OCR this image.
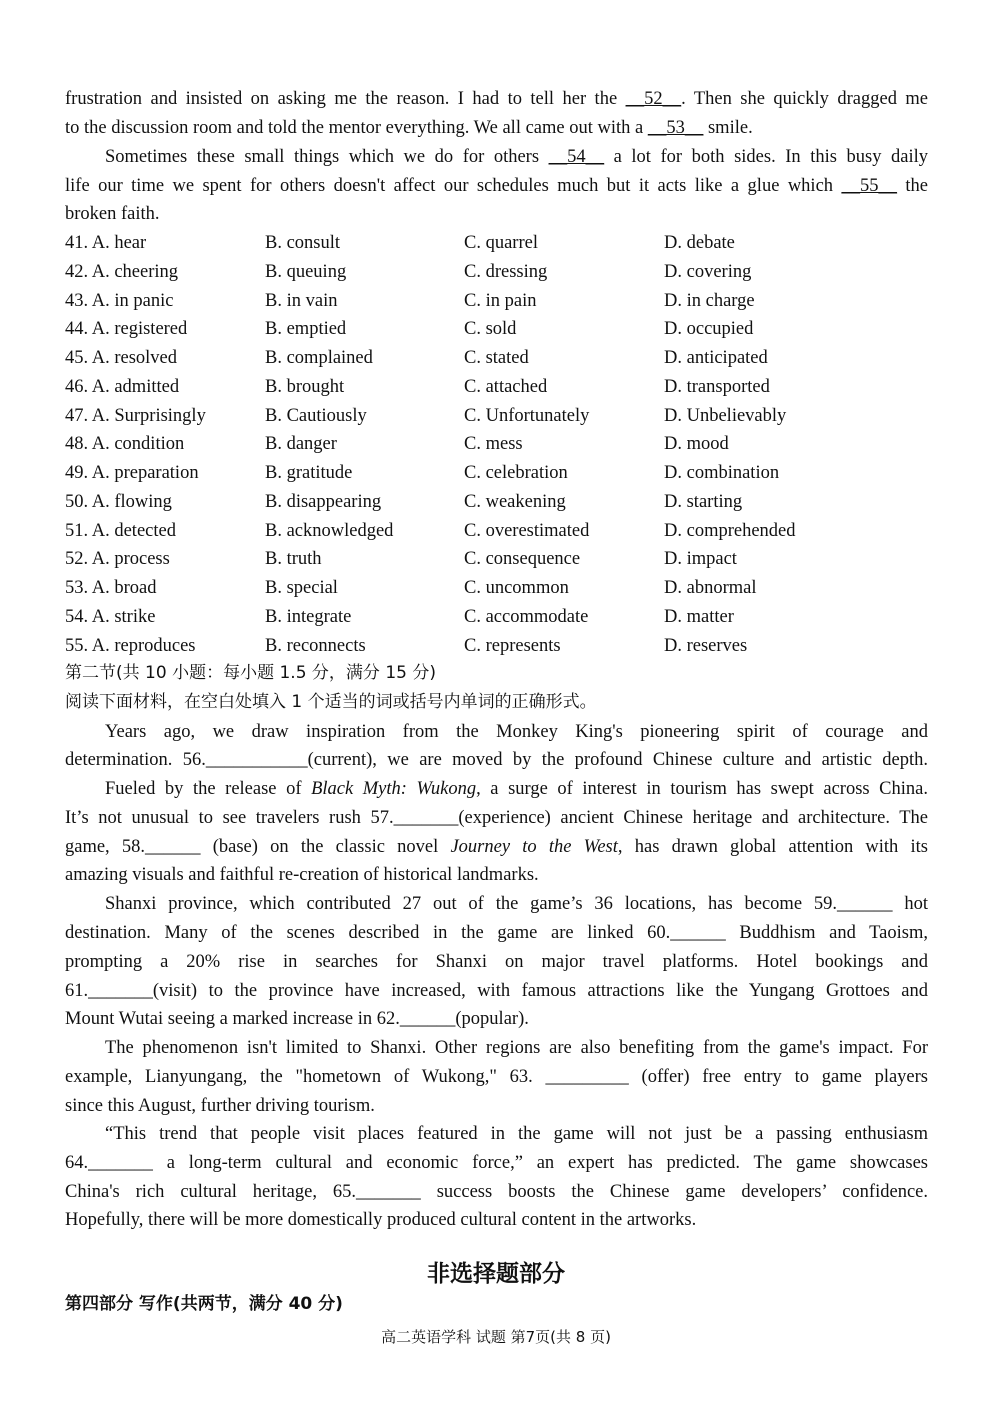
frustration and insisted on asking me the reason. I had to tell her the __52__. Then she quickly dragged me
to the discussion room and told the mentor everything. We all came out with a __53__ smile.
Sometimes these small things which we do for others __54__ a lot for both sides. In this busy daily
life our time we spent for others doesn't affect our schedules much but it acts like a glue which __55__ the
broken faith.
41. A. hear	B. consult	C. quarrel	D. debate
42. A. cheering	B. queuing	C. dressing	D. covering
43. A. in panic	B. in vain	C. in pain	D. in charge
44. A. registered	B. emptied	C. sold	D. occupied
45. A. resolved	B. complained	C. stated	D. anticipated
46. A. admitted	B. brought	C. attached	D. transported
47. A. Surprisingly	B. Cautiously	C. Unfortunately	D. Unbelievably
48. A. condition	B. danger	C. mess	D. mood
49. A. preparation	B. gratitude	C. celebration	D. combination
50. A. flowing	B. disappearing	C. weakening	D. starting
51. A. detected	B. acknowledged	C. overestimated	D. comprehended
52. A. process	B. truth	C. consequence	D. impact
53. A. broad	B. special	C. uncommon	D. abnormal
54. A. strike	B. integrate	C. accommodate	D. matter
55. A. reproduces	B. reconnects	C. represents	D. reserves
第二节(共 10 小题：每小题 1.5 分，满分 15 分)
阅读下面材料，在空白处填入 1 个适当的词或括号内单词的正确形式。
Years ago, we draw inspiration from the Monkey King's pioneering spirit of courage and
determination. 56.___________(current), we are moved by the profound Chinese culture and artistic depth.
Fueled by the release of Black Myth: Wukong, a surge of interest in tourism has swept across China.
It’s not unusual to see travelers rush 57._______(experience) ancient Chinese heritage and architecture. The
game, 58.______ (base) on the classic novel Journey to the West, has drawn global attention with its
amazing visuals and faithful re-creation of historical landmarks.
Shanxi province, which contributed 27 out of the game’s 36 locations, has become 59.______ hot
destination. Many of the scenes described in the game are linked 60.______ Buddhism and Taoism,
prompting a 20% rise in searches for Shanxi on major travel platforms. Hotel bookings and
61._______(visit) to the province have increased, with famous attractions like the Yungang Grottoes and
Mount Wutai seeing a marked increase in 62.______(popular).
The phenomenon isn't limited to Shanxi. Other regions are also benefiting from the game's impact. For
example, Lianyungang, the "hometown of Wukong," 63. _________ (offer) free entry to game players
since this August, further driving tourism.
“This trend that people visit places featured in the game will not just be a passing enthusiasm
64._______ a long-term cultural and economic force,” an expert has predicted. The game showcases
China's rich cultural heritage, 65._______ success boosts the Chinese game developers’ confidence.
Hopefully, there will be more domestically produced cultural content in the artworks.
非选择题部分
第四部分 写作(共两节，满分 40 分)
高二英语学科 试题 第7页(共 8 页)
